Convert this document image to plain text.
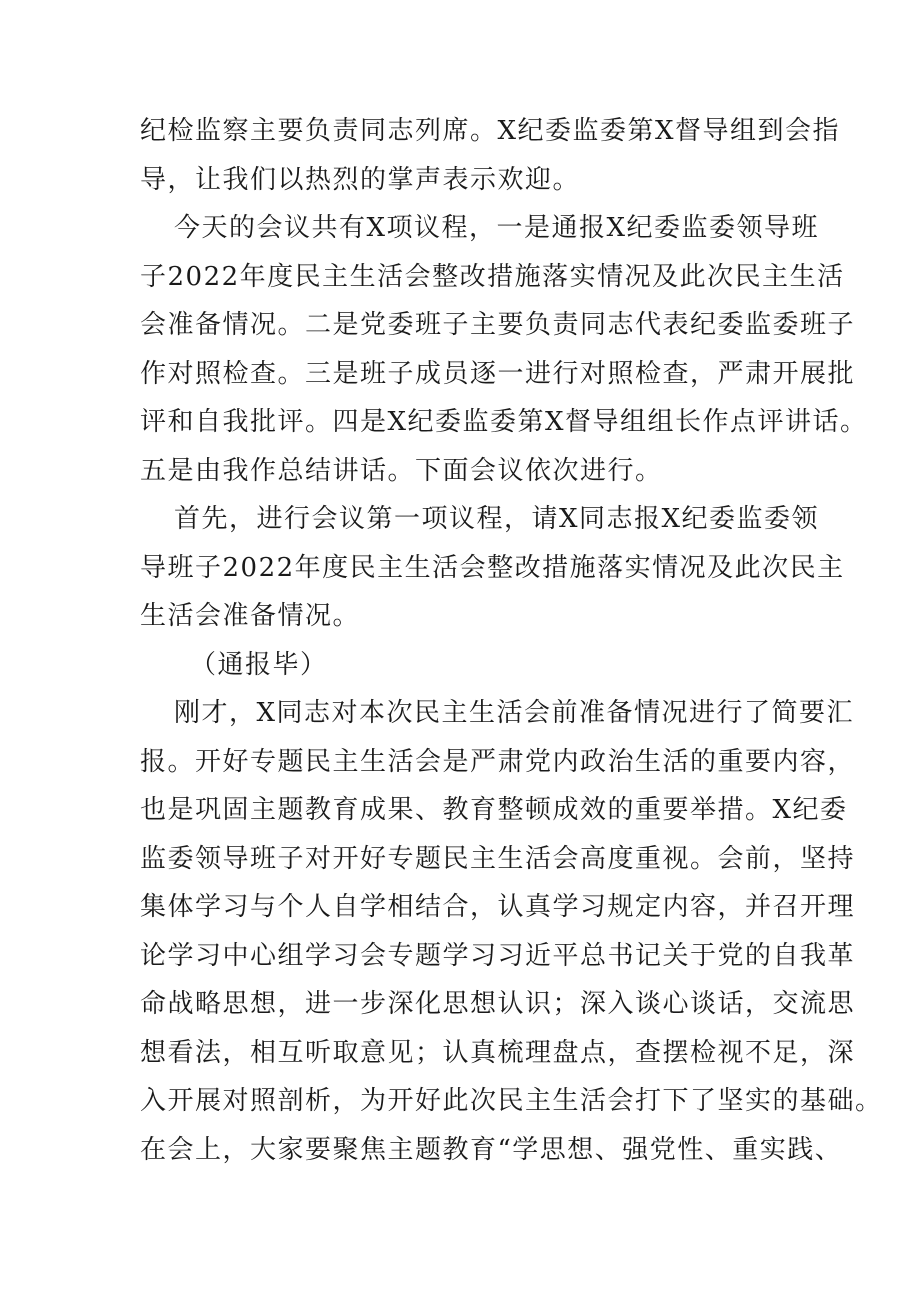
纪检监察主要负责同志列席。X纪委监委第X督导组到会指
导，让我们以热烈的掌声表示欢迎。
今天的会议共有X项议程，一是通报X纪委监委领导班
子2022年度民主生活会整改措施落实情况及此次民主生活
会准备情况。二是党委班子主要负责同志代表纪委监委班子
作对照检查。三是班子成员逐一进行对照检查，严肃开展批
评和自我批评。四是X纪委监委第X督导组组长作点评讲话。
五是由我作总结讲话。下面会议依次进行。
首先，进行会议第一项议程，请X同志报X纪委监委领
导班子2022年度民主生活会整改措施落实情况及此次民主
生活会准备情况。
（通报毕）
刚才，X同志对本次民主生活会前准备情况进行了简要汇
报。开好专题民主生活会是严肃党内政治生活的重要内容，
也是巩固主题教育成果、教育整顿成效的重要举措。X纪委
监委领导班子对开好专题民主生活会高度重视。会前，坚持
集体学习与个人自学相结合，认真学习规定内容，并召开理
论学习中心组学习会专题学习习近平总书记关于党的自我革
命战略思想，进一步深化思想认识；深入谈心谈话，交流思
想看法，相互听取意见；认真梳理盘点，查摆检视不足，深
入开展对照剖析，为开好此次民主生活会打下了坚实的基础。
在会上，大家要聚焦主题教育“学思想、强党性、重实践、
